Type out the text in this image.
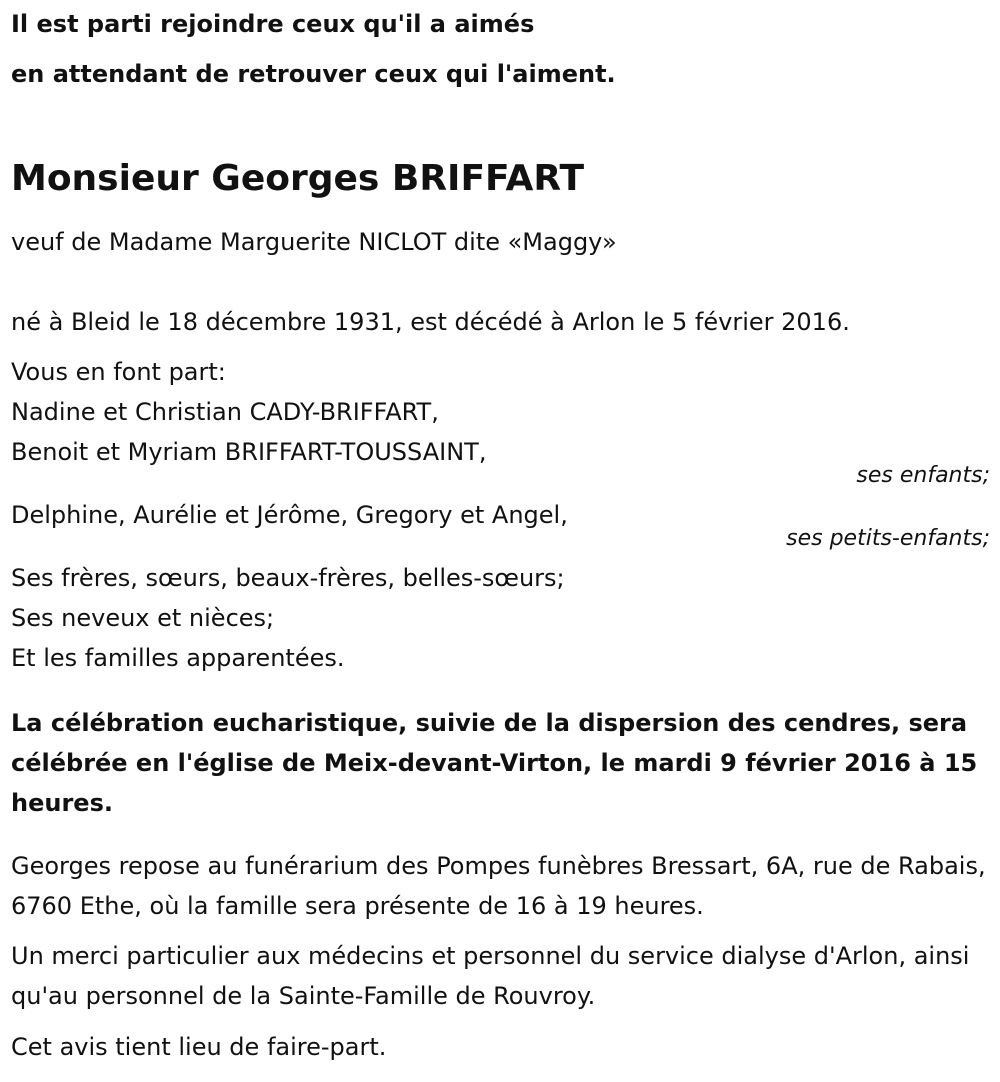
Il est parti rejoindre ceux qu'il a aimés
en attendant de retrouver ceux qui l'aiment.
Monsieur Georges BRIFFART
veuf de Madame Marguerite NICLOT dite «Maggy»
né à Bleid le 18 décembre 1931, est décédé à Arlon le 5 février 2016.
Vous en font part:
Nadine et Christian CADY-BRIFFART,
Benoit et Myriam BRIFFART-TOUSSAINT,
ses enfants;
Delphine, Aurélie et Jérôme, Gregory et Angel,
ses petits-enfants;
Ses frères, sœurs, beaux-frères, belles-sœurs;
Ses neveux et nièces;
Et les familles apparentées.

La célébration eucharistique, suivie de la dispersion des cendres, sera célébrée en l'église de Meix-devant-Virton, le mardi 9 février 2016 à 15 heures.

Georges repose au funérarium des Pompes funèbres Bressart, 6A, rue de Rabais, 6760 Ethe, où la famille sera présente de 16 à 19 heures.

Un merci particulier aux médecins et personnel du service dialyse d'Arlon, ainsi qu'au personnel de la Sainte-Famille de Rouvroy.

Cet avis tient lieu de faire-part.
